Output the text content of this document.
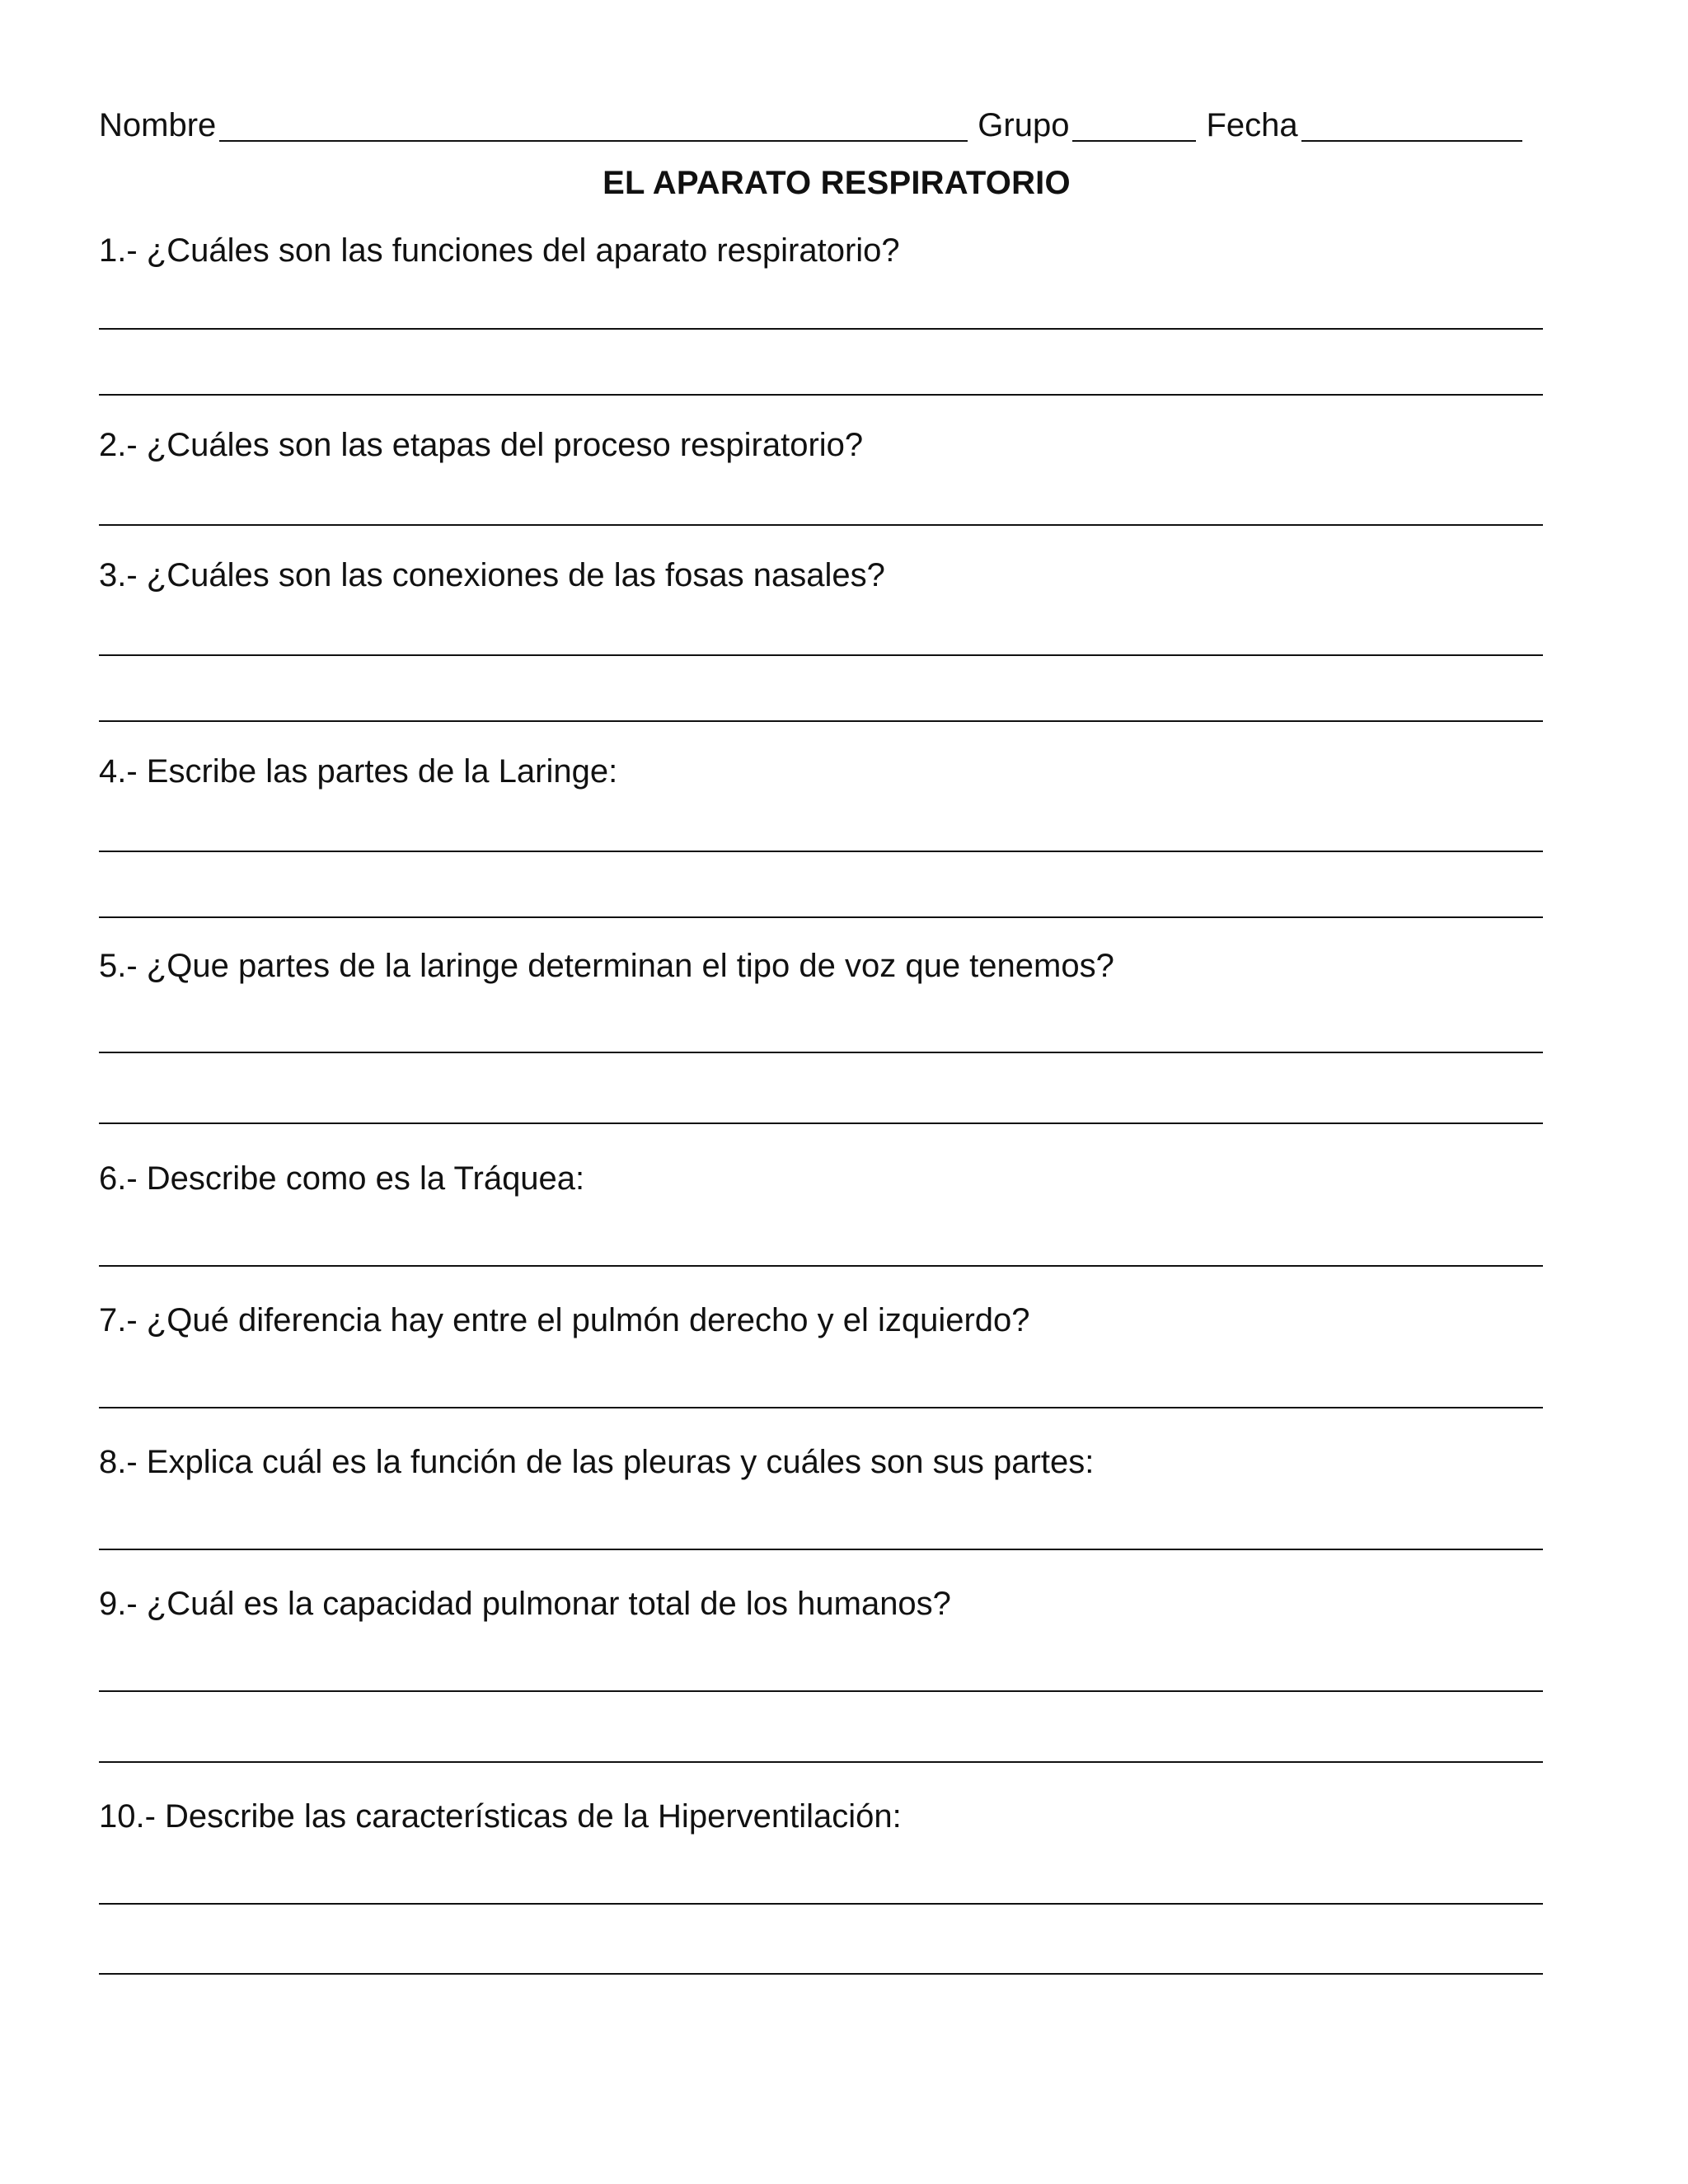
Nombre	Grupo	Fecha
EL APARATO RESPIRATORIO
1.- ¿Cuáles son las funciones del aparato respiratorio?
2.- ¿Cuáles son las etapas del proceso respiratorio?
3.- ¿Cuáles son las conexiones de las fosas nasales?
4.- Escribe las partes de la Laringe:
5.- ¿Que partes de la laringe determinan el tipo de voz que tenemos?
6.- Describe como es la Tráquea:
7.- ¿Qué diferencia hay entre el pulmón derecho y el izquierdo?
8.- Explica cuál es la función de las pleuras y cuáles son sus partes:
9.- ¿Cuál es la capacidad pulmonar total de los humanos?
10.- Describe las características de la Hiperventilación:
